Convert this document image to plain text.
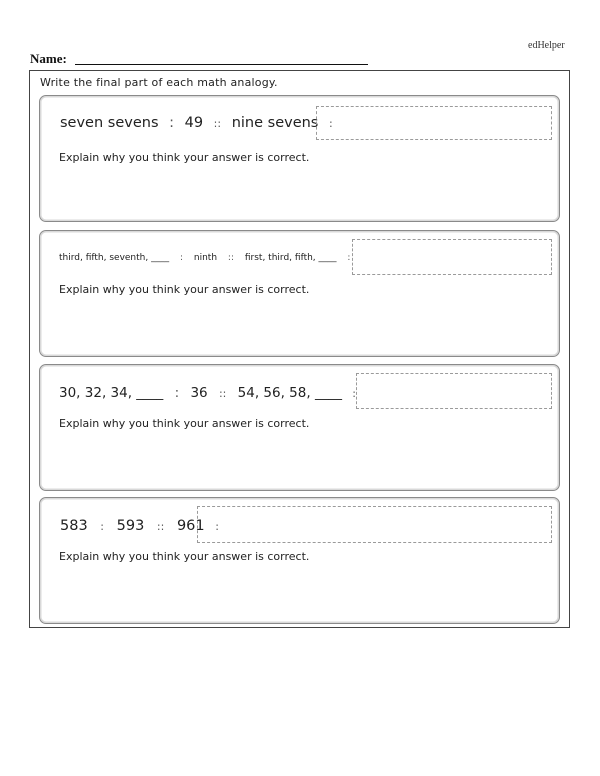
edHelper
Name:
Write the final part of each math analogy.
seven sevens : 49 :: nine sevens :
Explain why you think your answer is correct.
third, fifth, seventh, ____ : ninth :: first, third, fifth, ____ :
Explain why you think your answer is correct.
30, 32, 34, ____ : 36 :: 54, 56, 58, ____ :
Explain why you think your answer is correct.
583 : 593 :: 961 :
Explain why you think your answer is correct.
